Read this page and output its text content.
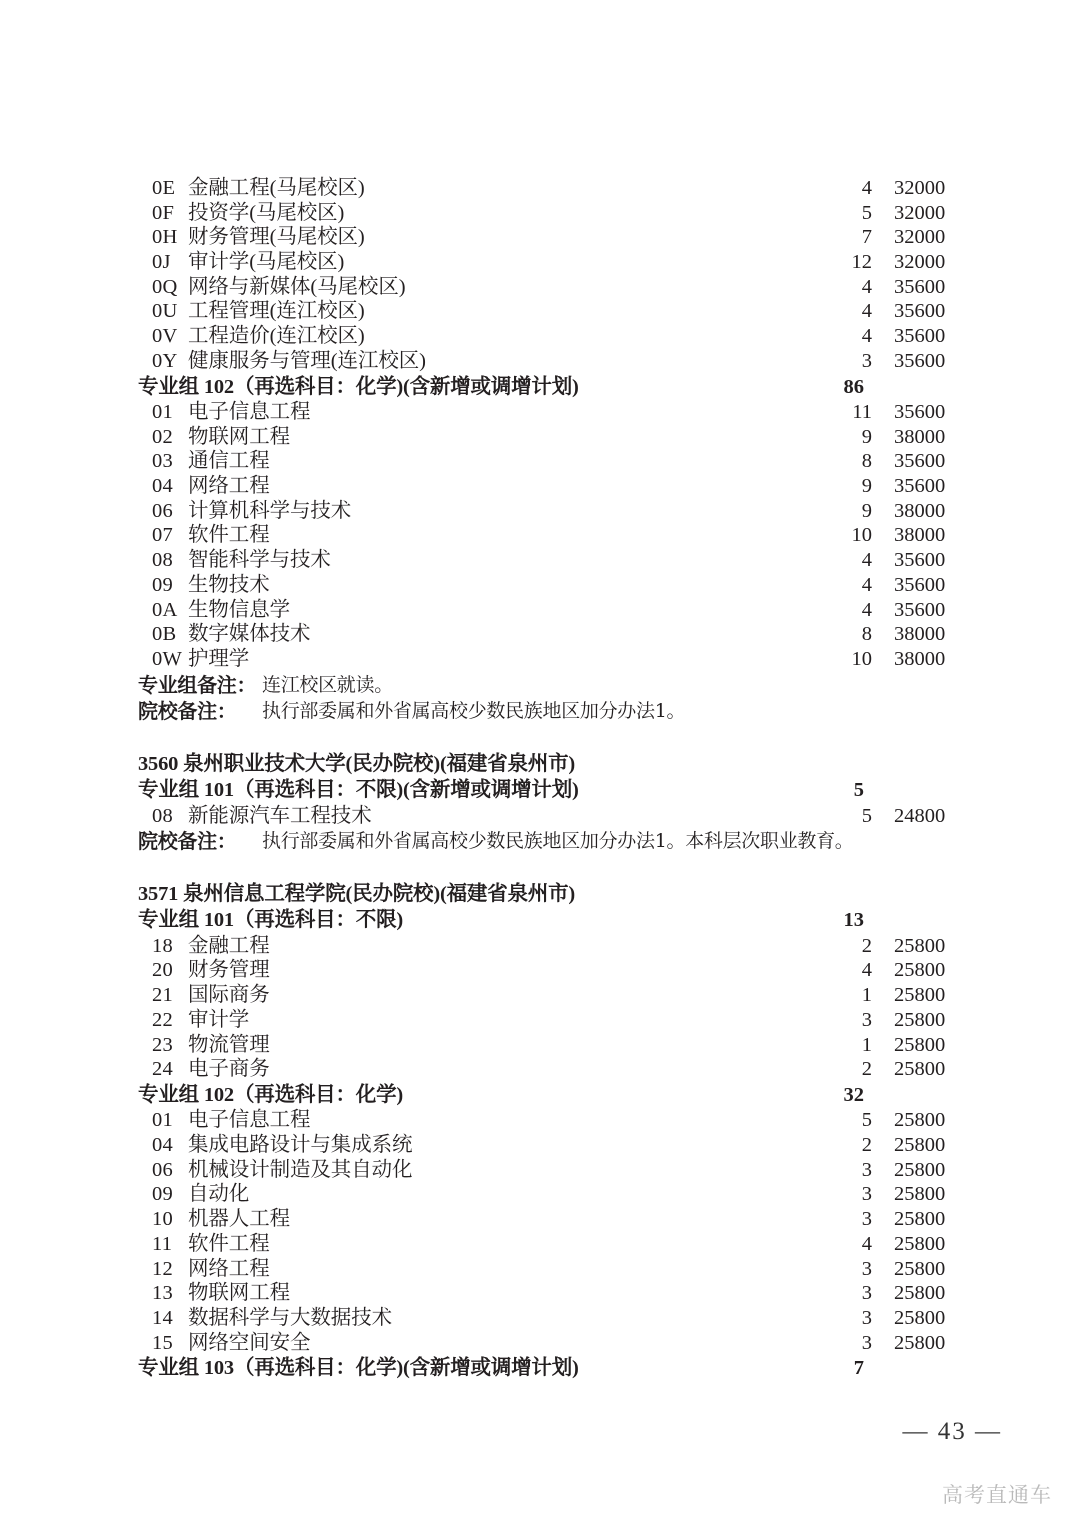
0E 金融工程(马尾校区)	4 32000
0F 投资学(马尾校区)	5 32000
0H 财务管理(马尾校区)	7 32000
0J 审计学(马尾校区)	12 32000
0Q 网络与新媒体(马尾校区)	4 35600
0U 工程管理(连江校区)	4 35600
0V 工程造价(连江校区)	4 35600
0Y 健康服务与管理(连江校区)	3 35600
专业组 102（再选科目：化学)(含新增或调增计划)	86
01 电子信息工程	11 35600
02 物联网工程	9 38000
03 通信工程	8 35600
04 网络工程	9 35600
06 计算机科学与技术	9 38000
07 软件工程	10 38000
08 智能科学与技术	4 35600
09 生物技术	4 35600
0A 生物信息学	4 35600
0B 数字媒体技术	8 38000
0W 护理学	10 38000
专业组备注： 连江校区就读。
院校备注： 执行部委属和外省属高校少数民族地区加分办法1。
3560 泉州职业技术大学(民办院校)(福建省泉州市)
专业组 101（再选科目：不限)(含新增或调增计划)	5
08 新能源汽车工程技术	5 24800
院校备注： 执行部委属和外省属高校少数民族地区加分办法1。本科层次职业教育。
3571 泉州信息工程学院(民办院校)(福建省泉州市)
专业组 101（再选科目：不限)	13
18 金融工程	2 25800
20 财务管理	4 25800
21 国际商务	1 25800
22 审计学	3 25800
23 物流管理	1 25800
24 电子商务	2 25800
专业组 102（再选科目：化学)	32
01 电子信息工程	5 25800
04 集成电路设计与集成系统	2 25800
06 机械设计制造及其自动化	3 25800
09 自动化	3 25800
10 机器人工程	3 25800
11 软件工程	4 25800
12 网络工程	3 25800
13 物联网工程	3 25800
14 数据科学与大数据技术	3 25800
15 网络空间安全	3 25800
专业组 103（再选科目：化学)(含新增或调增计划)	7
— 43 —
高考直通车
